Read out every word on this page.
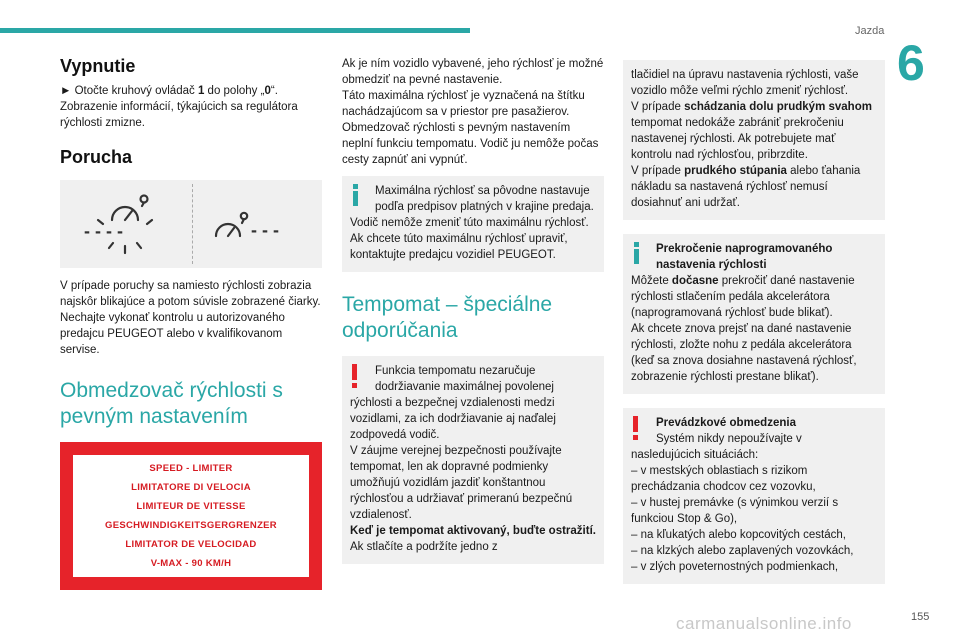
Jazda
6
Vypnutie

► Otočte kruhový ovládač 1 do polohy „0“.

Zobrazenie informácií, týkajúcich sa regulátora rýchlosti zmizne.

Porucha
- - - -	- - -

V prípade poruchy sa namiesto rýchlosti zobrazia najskôr blikajúce a potom súvisle zobrazené čiarky.

Nechajte vykonať kontrolu u autorizovaného predajcu PEUGEOT alebo v kvalifikovanom servise.

Obmedzovač rýchlosti s pevným nastavením
SPEED - LIMITER
LIMITATORE DI VELOCIA
LIMITEUR DE VITESSE
GESCHWINDIGKEITSGERGRENZER
LIMITATOR DE VELOCIDAD
V-MAX - 90 KM/H

Ak je ním vozidlo vybavené, jeho rýchlosť je možné obmedziť na pevné nastavenie.

Táto maximálna rýchlosť je vyznačená na štítku nachádzajúcom sa v priestor pre pasažierov.

Obmedzovač rýchlosti s pevným nastavením neplní funkciu tempomatu. Vodič ju nemôže počas cesty zapnúť ani vypnúť.

Maximálna rýchlosť sa pôvodne nastavuje podľa predpisov platných v krajine predaja.

Vodič nemôže zmeniť túto maximálnu rýchlosť.

Ak chcete túto maximálnu rýchlosť upraviť, kontaktujte predajcu vozidiel PEUGEOT.

Tempomat – špeciálne odporúčania

Funkcia tempomatu nezaručuje dodržiavanie maximálnej povolenej

rýchlosti a bezpečnej vzdialenosti medzi vozidlami, za ich dodržiavanie aj naďalej zodpovedá vodič.

V záujme verejnej bezpečnosti používajte tempomat, len ak dopravné podmienky umožňujú vozidlám jazdiť konštantnou rýchlosťou a udržiavať primeranú bezpečnú vzdialenosť.

Keď je tempomat aktivovaný, buďte ostražití. Ak stlačíte a podržíte jedno z

tlačidiel na úpravu nastavenia rýchlosti, vaše vozidlo môže veľmi rýchlo zmeniť rýchlosť.

V prípade schádzania dolu prudkým svahom tempomat nedokáže zabrániť prekročeniu nastavenej rýchlosti. Ak potrebujete mať kontrolu nad rýchlosťou, pribrzdite.

V prípade prudkého stúpania alebo ťahania nákladu sa nastavená rýchlosť nemusí dosiahnuť ani udržať.

Prekročenie naprogramovaného nastavenia rýchlosti

Môžete dočasne prekročiť dané nastavenie rýchlosti stlačením pedála akcelerátora (naprogramovaná rýchlosť bude blikať).

Ak chcete znova prejsť na dané nastavenie rýchlosti, zložte nohu z pedála akcelerátora (keď sa znova dosiahne nastavená rýchlosť, zobrazenie rýchlosti prestane blikať).

Prevádzkové obmedzenia

Systém nikdy nepoužívajte v

nasledujúcich situáciách:

– v mestských oblastiach s rizikom prechádzania chodcov cez vozovku,

– v hustej premávke (s výnimkou verzií s funkciou Stop & Go),

– na kľukatých alebo kopcovitých cestách,

– na klzkých alebo zaplavených vozovkách,

– v zlých poveternostných podmienkach,

carmanualsonline.info	155
